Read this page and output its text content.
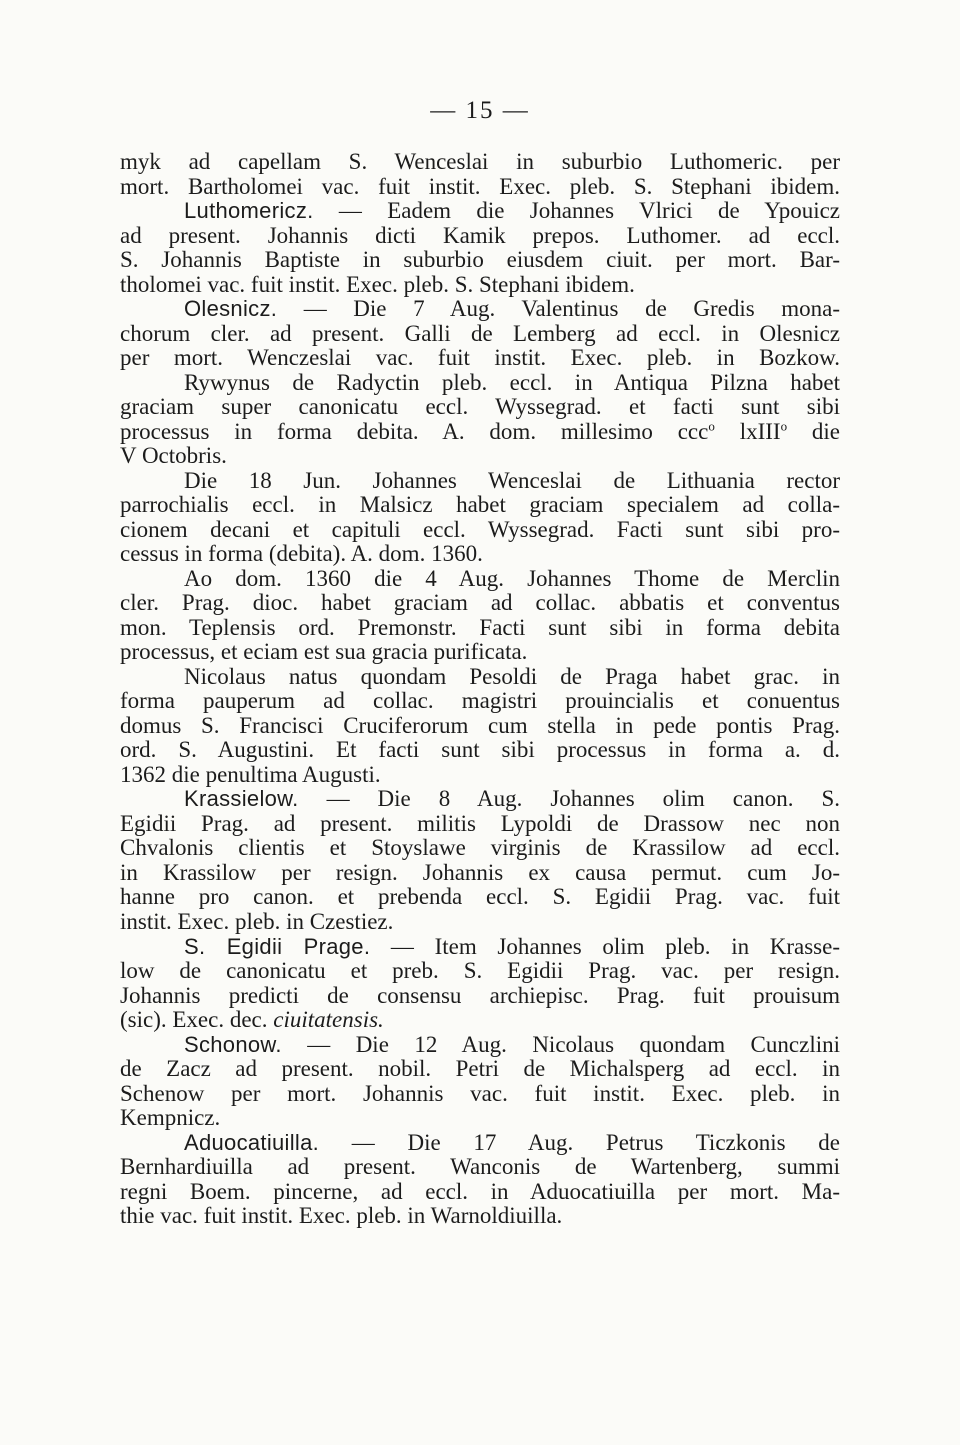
— 15 —
myk ad capellam S. Wenceslai in suburbio Luthomeric. per
mort. Bartholomei vac. fuit instit. Exec. pleb. S. Stephani ibidem.
Luthomericz. — Eadem die Johannes Vlrici de Ypouicz
ad present. Johannis dicti Kamik prepos. Luthomer. ad eccl.
S. Johannis Baptiste in suburbio eiusdem ciuit. per mort. Bar-
tholomei vac. fuit instit. Exec. pleb. S. Stephani ibidem.
Olesnicz. — Die 7 Aug. Valentinus de Gredis mona-
chorum cler. ad present. Galli de Lemberg ad eccl. in Olesnicz
per mort. Wenczeslai vac. fuit instit. Exec. pleb. in Bozkow.
Rywynus de Radyctin pleb. eccl. in Antiqua Pilzna habet
graciam super canonicatu eccl. Wyssegrad. et facti sunt sibi
processus in forma debita. A. dom. millesimo ccc$^o$ lxIII$^o$ die
V Octobris.
Die 18 Jun. Johannes Wenceslai de Lithuania rector
parrochialis eccl. in Malsicz habet graciam specialem ad colla-
cionem decani et capituli eccl. Wyssegrad. Facti sunt sibi pro-
cessus in forma (debita). A. dom. 1360.
Ao dom. 1360 die 4 Aug. Johannes Thome de Merclin
cler. Prag. dioc. habet graciam ad collac. abbatis et conventus
mon. Teplensis ord. Premonstr. Facti sunt sibi in forma debita
processus, et eciam est sua gracia purificata.
Nicolaus natus quondam Pesoldi de Praga habet grac. in
forma pauperum ad collac. magistri prouincialis et conuentus
domus S. Francisci Cruciferorum cum stella in pede pontis Prag.
ord. S. Augustini. Et facti sunt sibi processus in forma a. d.
1362 die penultima Augusti.
Krassielow. — Die 8 Aug. Johannes olim canon. S.
Egidii Prag. ad present. militis Lypoldi de Drassow nec non
Chvalonis clientis et Stoyslawe virginis de Krassilow ad eccl.
in Krassilow per resign. Johannis ex causa permut. cum Jo-
hanne pro canon. et prebenda eccl. S. Egidii Prag. vac. fuit
instit. Exec. pleb. in Czestiez.
S. Egidii Prage. — Item Johannes olim pleb. in Krasse-
low de canonicatu et preb. S. Egidii Prag. vac. per resign.
Johannis predicti de consensu archiepisc. Prag. fuit prouisum
(sic). Exec. dec. ciuitatensis.
Schonow. — Die 12 Aug. Nicolaus quondam Cunczlini
de Zacz ad present. nobil. Petri de Michalsperg ad eccl. in
Schenow per mort. Johannis vac. fuit instit. Exec. pleb. in
Kempnicz.
Aduocatiuilla. — Die 17 Aug. Petrus Ticzkonis de
Bernhardiuilla ad present. Wanconis de Wartenberg, summi
regni Boem. pincerne, ad eccl. in Aduocatiuilla per mort. Ma-
thie vac. fuit instit. Exec. pleb. in Warnoldiuilla.
